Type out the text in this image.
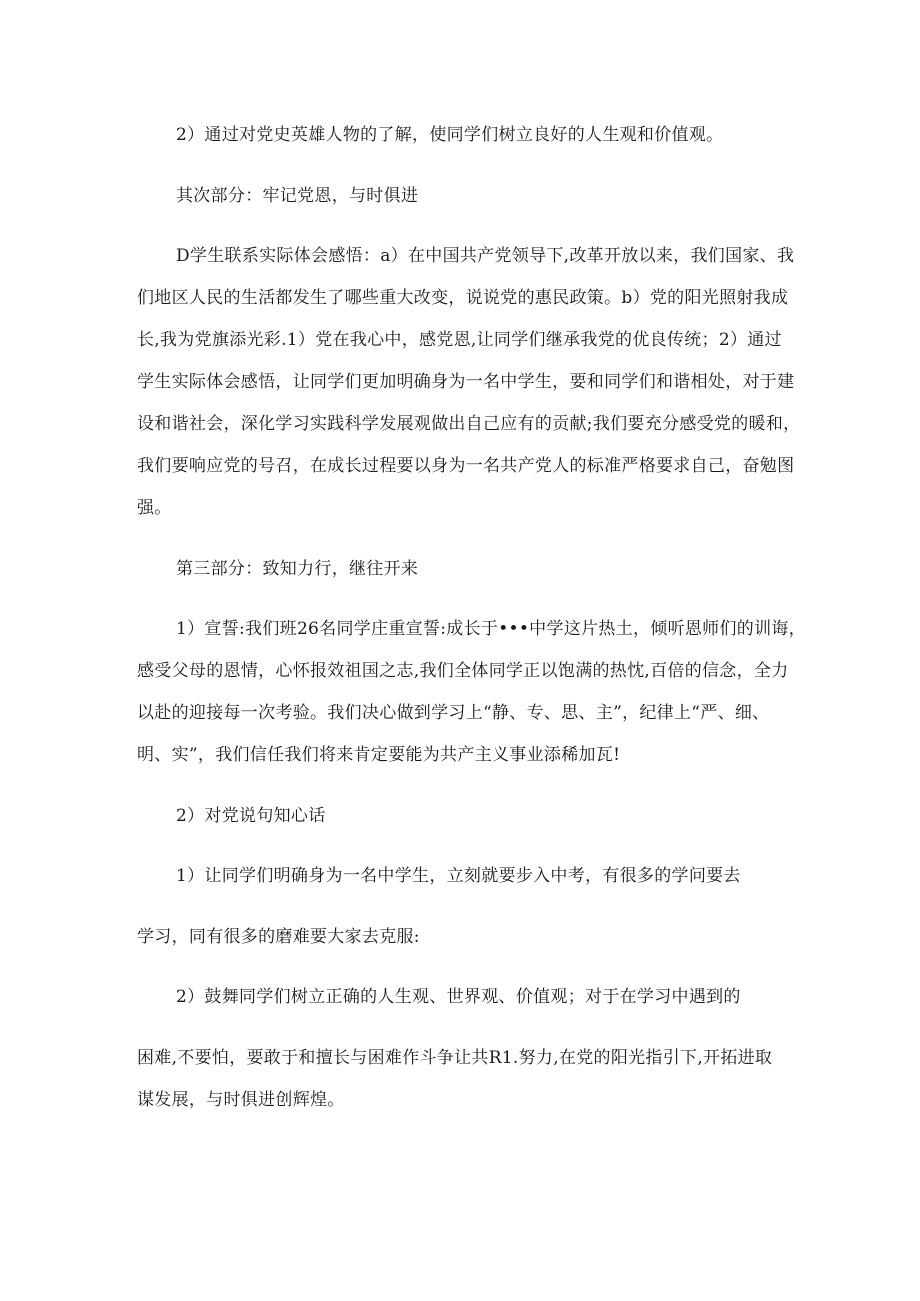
2）通过对党史英雄人物的了解，使同学们树立良好的人生观和价值观。
其次部分：牢记党恩，与时俱进
D学生联系实际体会感悟：a）在中国共产党领导下,改革开放以来，我们国家、我
们地区人民的生活都发生了哪些重大改变，说说党的惠民政策。b）党的阳光照射我成
长,我为党旗添光彩.1）党在我心中，感党恩,让同学们继承我党的优良传统；2）通过
学生实际体会感悟，让同学们更加明确身为一名中学生，要和同学们和谐相处，对于建
设和谐社会，深化学习实践科学发展观做出自己应有的贡献;我们要充分感受党的暖和，
我们要响应党的号召，在成长过程要以身为一名共产党人的标准严格要求自己，奋勉图
强。
第三部分：致知力行，继往开来
1）宣誓:我们班26名同学庄重宣誓:成长于•••中学这片热土，倾听恩师们的训诲，
感受父母的恩情，心怀报效祖国之志,我们全体同学正以饱满的热忱,百倍的信念，全力
以赴的迎接每一次考验。我们决心做到学习上“静、专、思、主”，纪律上“严、细、
明、实”，我们信任我们将来肯定要能为共产主义事业添稀加瓦!
2）对党说句知心话
1）让同学们明确身为一名中学生，立刻就要步入中考，有很多的学问要去
学习，同有很多的磨难要大家去克服:
2）鼓舞同学们树立正确的人生观、世界观、价值观；对于在学习中遇到的
困难,不要怕，要敢于和擅长与困难作斗争让共R1.努力,在党的阳光指引下,开拓进取
谋发展，与时俱进创辉煌。
